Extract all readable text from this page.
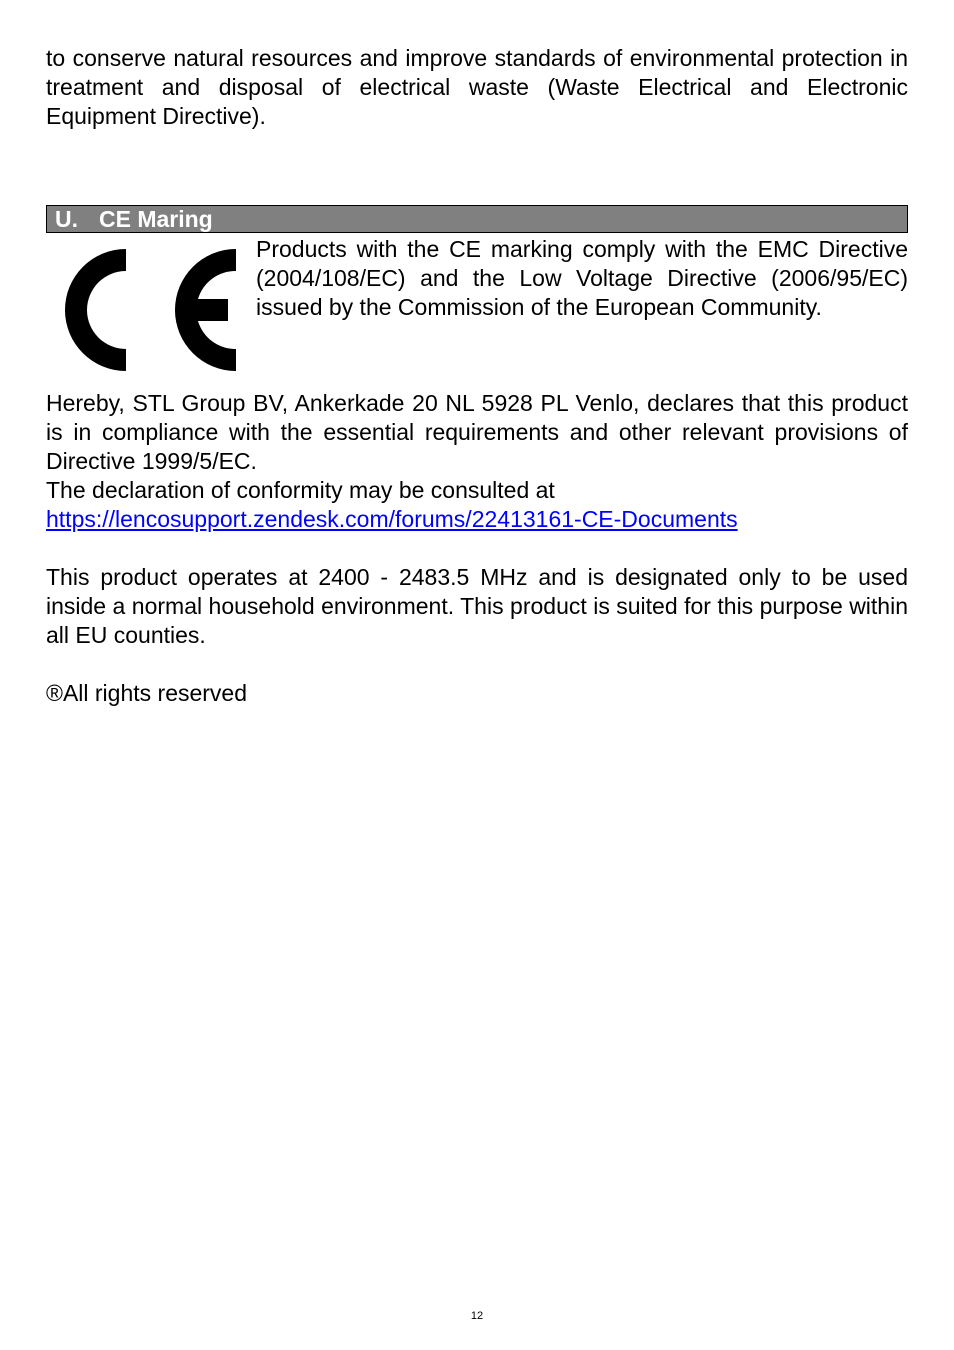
to conserve natural resources and improve standards of environmental protection in treatment and disposal of electrical waste (Waste Electrical and Electronic Equipment Directive).

U. CE Maring

Products with the CE marking comply with the EMC Directive (2004/108/EC) and the Low Voltage Directive (2006/95/EC) issued by the Commission of the European Community.

Hereby, STL Group BV, Ankerkade 20 NL 5928 PL Venlo, declares that this product is in compliance with the essential requirements and other relevant provisions of Directive 1999/5/EC.

The declaration of conformity may be consulted at

https://lencosupport.zendesk.com/forums/22413161-CE-Documents

This product operates at 2400 - 2483.5 MHz and is designated only to be used inside a normal household environment. This product is suited for this purpose within all EU counties.

®All rights reserved

12
